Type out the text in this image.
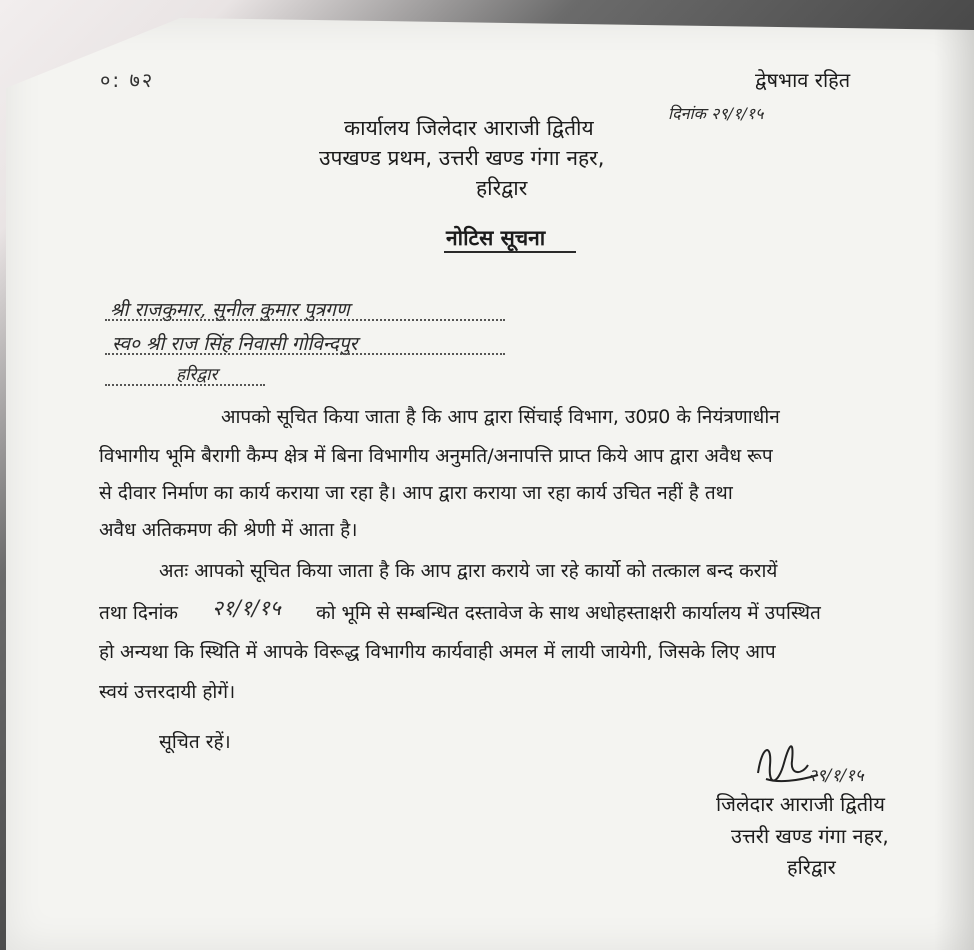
०: ७२	द्वेषभाव रहित
कार्यालय जिलेदार आराजी द्वितीय
दिनांक २९/१/१५
उपखण्ड प्रथम, उत्तरी खण्ड गंगा नहर,
हरिद्वार
नोटिस सूचना
श्री राजकुमार, सुनील कुमार पुत्रगण
स्व० श्री राज सिंह निवासी गोविन्दपुर
हरिद्वार
आपको सूचित किया जाता है कि आप द्वारा सिंचाई विभाग, उ0प्र0 के नियंत्रणाधीन
विभागीय भूमि बैरागी कैम्प क्षेत्र में बिना विभागीय अनुमति/अनापत्ति प्राप्त किये आप द्वारा अवैध रूप
से दीवार निर्माण का कार्य कराया जा रहा है। आप द्वारा कराया जा रहा कार्य उचित नहीं है तथा
अवैध अतिकमण की श्रेणी में आता है।
अतः आपको सूचित किया जाता है कि आप द्वारा कराये जा रहे कार्यो को तत्काल बन्द करायें
तथा दिनांक २१/१/१५ को भूमि से सम्बन्धित दस्तावेज के साथ अधोहस्ताक्षरी कार्यालय में उपस्थित
हो अन्यथा कि स्थिति में आपके विरूद्ध विभागीय कार्यवाही अमल में लायी जायेगी, जिसके लिए आप
स्वयं उत्तरदायी होगें।
सूचित रहें।
२९/१/१५
जिलेदार आराजी द्वितीय
उत्तरी खण्ड गंगा नहर,
हरिद्वार
